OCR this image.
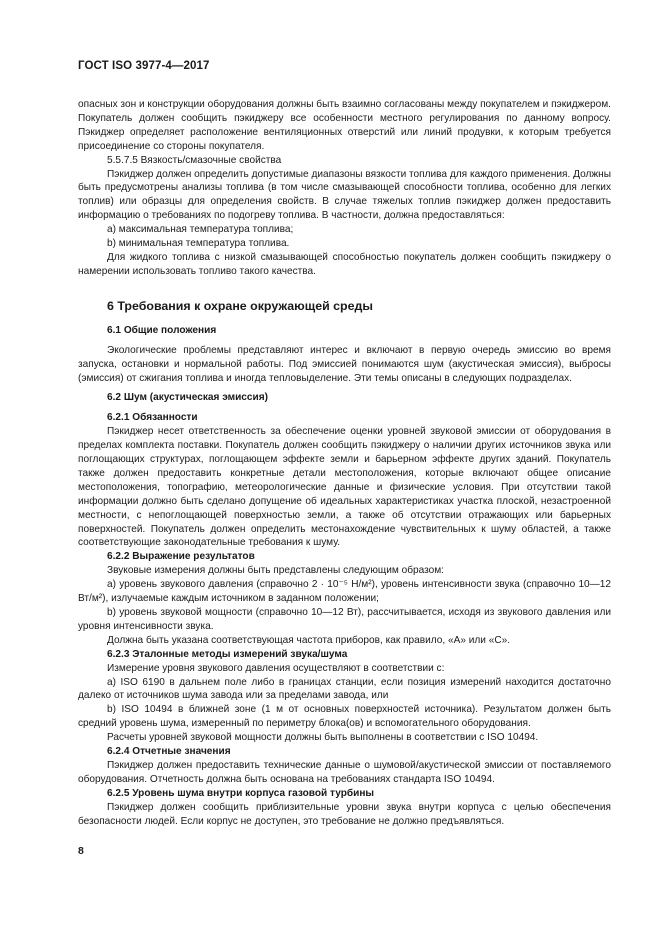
ГОСТ ISO 3977-4—2017

опасных зон и конструкции оборудования должны быть взаимно согласованы между покупателем и пэкиджером. Покупатель должен сообщить пэкиджеру все особенности местного регулирования по данному вопросу. Пэкиджер определяет расположение вентиляционных отверстий или линий продувки, к которым требуется присоединение со стороны покупателя.

5.5.7.5 Вязкость/смазочные свойства

Пэкиджер должен определить допустимые диапазоны вязкости топлива для каждого применения. Должны быть предусмотрены анализы топлива (в том числе смазывающей способности топлива, особенно для легких топлив) или образцы для определения свойств. В случае тяжелых топлив пэкиджер должен предоставить информацию о требованиях по подогреву топлива. В частности, должна предоставляться:

a) максимальная температура топлива;

b) минимальная температура топлива.

Для жидкого топлива с низкой смазывающей способностью покупатель должен сообщить пэкиджеру о намерении использовать топливо такого качества.

6 Требования к охране окружающей среды

6.1 Общие положения

Экологические проблемы представляют интерес и включают в первую очередь эмиссию во время запуска, остановки и нормальной работы. Под эмиссией понимаются шум (акустическая эмиссия), выбросы (эмиссия) от сжигания топлива и иногда тепловыделение. Эти темы описаны в следующих подразделах.

6.2 Шум (акустическая эмиссия)

6.2.1 Обязанности

Пэкиджер несет ответственность за обеспечение оценки уровней звуковой эмиссии от оборудования в пределах комплекта поставки. Покупатель должен сообщить пэкиджеру о наличии других источников звука или поглощающих структурах, поглощающем эффекте земли и барьерном эффекте других зданий. Покупатель также должен предоставить конкретные детали местоположения, которые включают общее описание местоположения, топографию, метеорологические данные и физические условия. При отсутствии такой информации должно быть сделано допущение об идеальных характеристиках участка плоской, незастроенной местности, с непоглощающей поверхностью земли, а также об отсутствии отражающих или барьерных поверхностей. Покупатель должен определить местонахождение чувствительных к шуму областей, а также соответствующие законодательные требования к шуму.

6.2.2 Выражение результатов

Звуковые измерения должны быть представлены следующим образом:

a) уровень звукового давления (справочно 2 · 10⁻⁵ Н/м²), уровень интенсивности звука (справочно 10—12 Вт/м²), излучаемые каждым источником в заданном положении;

b) уровень звуковой мощности (справочно 10—12 Вт), рассчитывается, исходя из звукового давления или уровня интенсивности звука.

Должна быть указана соответствующая частота приборов, как правило, «А» или «С».

6.2.3 Эталонные методы измерений звука/шума

Измерение уровня звукового давления осуществляют в соответствии с:

a) ISO 6190 в дальнем поле либо в границах станции, если позиция измерений находится достаточно далеко от источников шума завода или за пределами завода, или

b) ISO 10494 в ближней зоне (1 м от основных поверхностей источника). Результатом должен быть средний уровень шума, измеренный по периметру блока(ов) и вспомогательного оборудования.

Расчеты уровней звуковой мощности должны быть выполнены в соответствии с ISO 10494.

6.2.4 Отчетные значения

Пэкиджер должен предоставить технические данные о шумовой/акустической эмиссии от поставляемого оборудования. Отчетность должна быть основана на требованиях стандарта ISO 10494.

6.2.5 Уровень шума внутри корпуса газовой турбины

Пэкиджер должен сообщить приблизительные уровни звука внутри корпуса с целью обеспечения безопасности людей. Если корпус не доступен, это требование не должно предъявляться.

8
